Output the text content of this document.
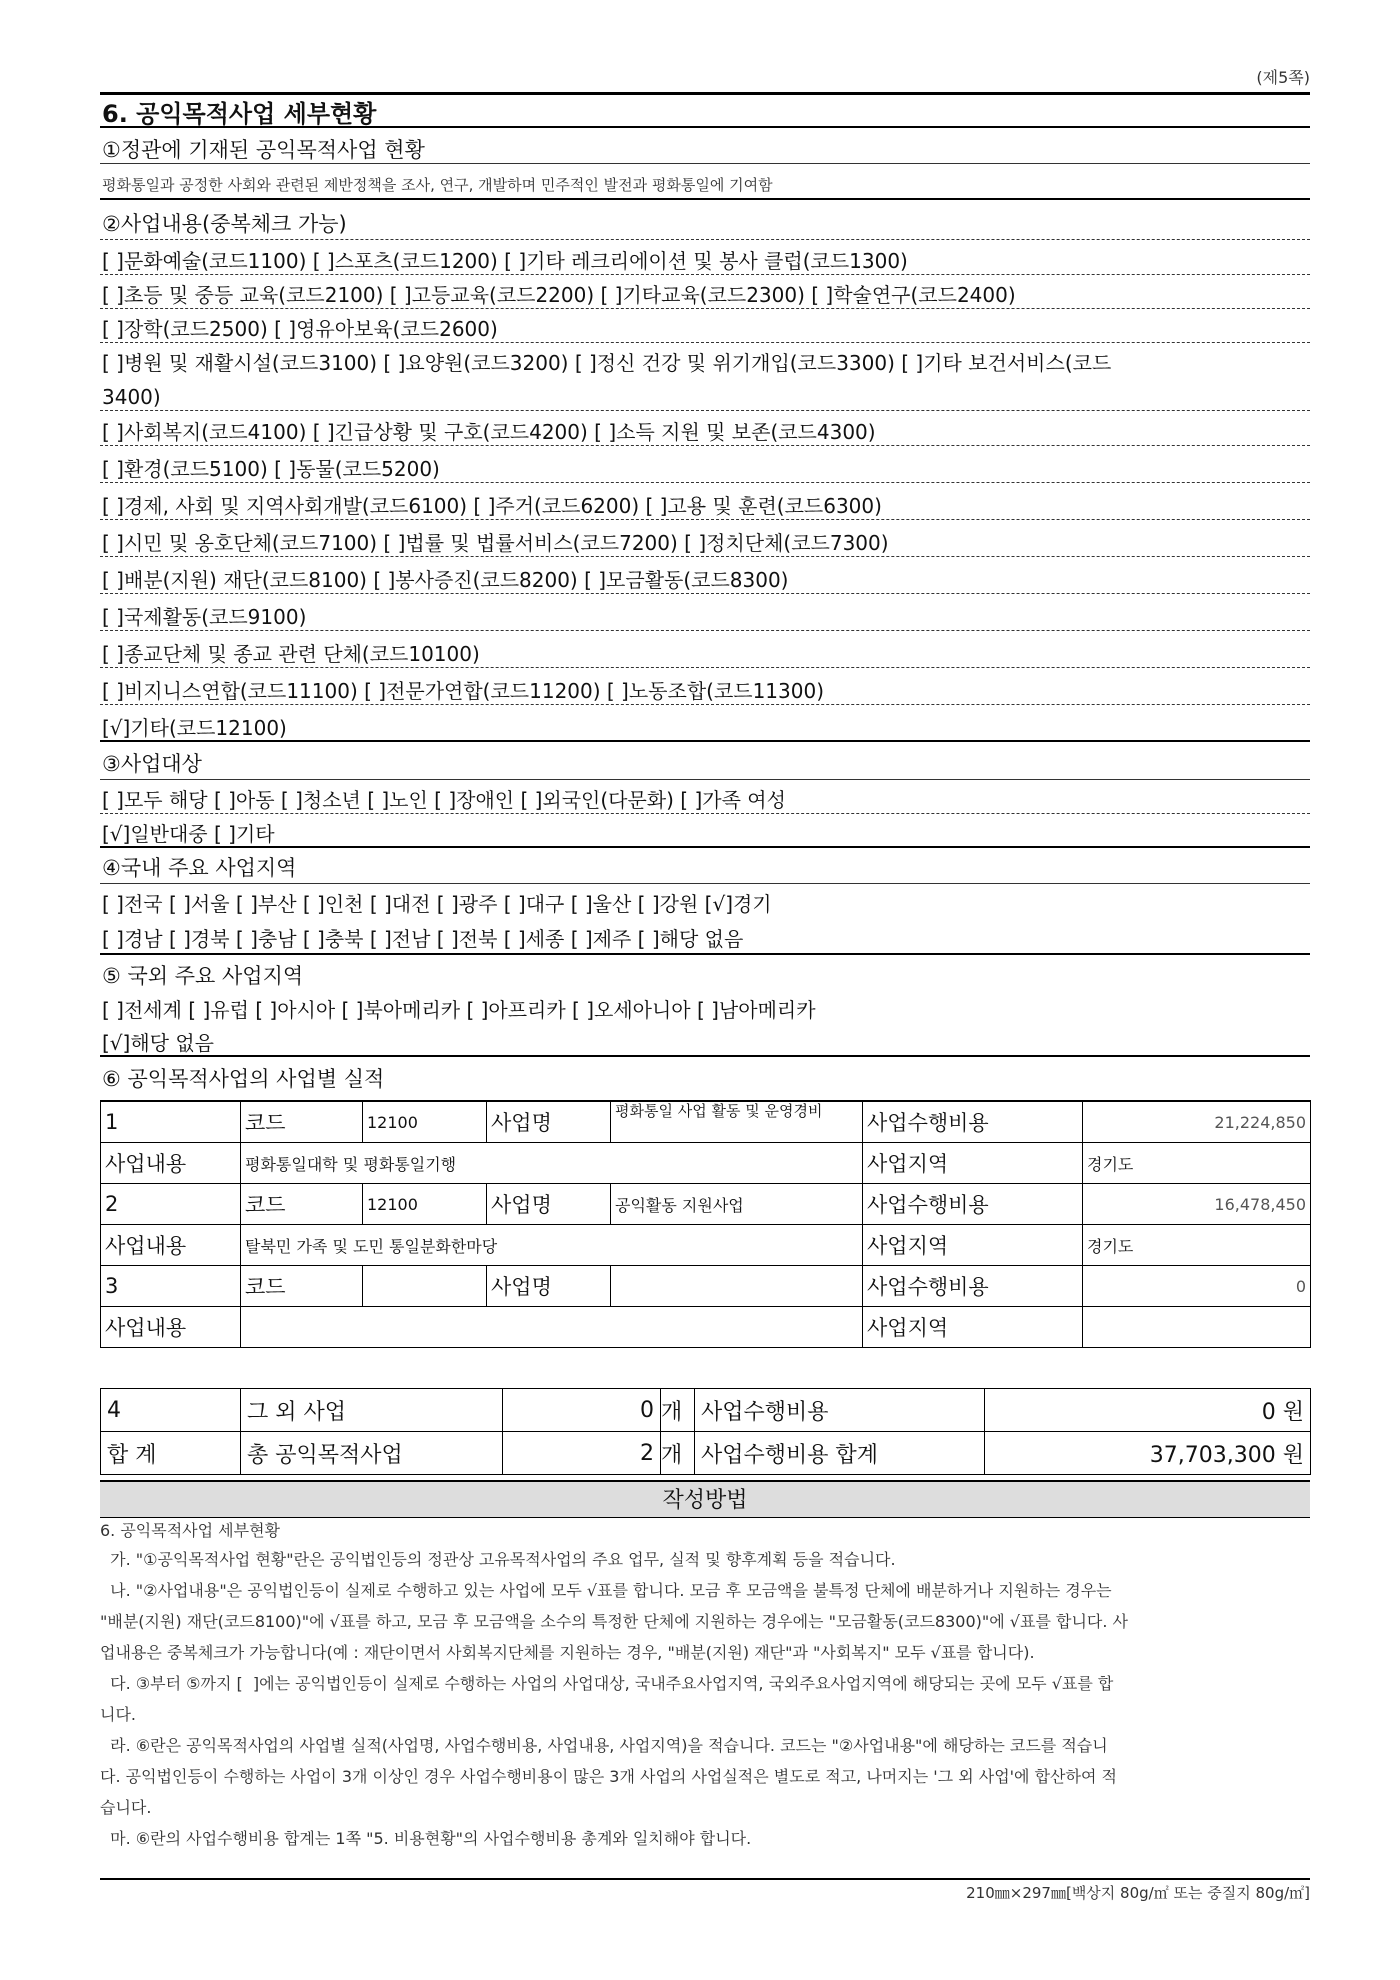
(제5쪽)
6. 공익목적사업 세부현황
①정관에 기재된 공익목적사업 현황
평화통일과 공정한 사회와 관련된 제반정책을 조사, 연구, 개발하며 민주적인 발전과 평화통일에 기여함
②사업내용(중복체크 가능)
[ ]문화예술(코드1100) [ ]스포츠(코드1200) [ ]기타 레크리에이션 및 봉사 클럽(코드1300)
[ ]초등 및 중등 교육(코드2100) [ ]고등교육(코드2200) [ ]기타교육(코드2300) [ ]학술연구(코드2400)
[ ]장학(코드2500) [ ]영유아보육(코드2600)
[ ]병원 및 재활시설(코드3100) [ ]요양원(코드3200) [ ]정신 건강 및 위기개입(코드3300) [ ]기타 보건서비스(코드
3400)
[ ]사회복지(코드4100) [ ]긴급상황 및 구호(코드4200) [ ]소득 지원 및 보존(코드4300)
[ ]환경(코드5100) [ ]동물(코드5200)
[ ]경제, 사회 및 지역사회개발(코드6100) [ ]주거(코드6200) [ ]고용 및 훈련(코드6300)
[ ]시민 및 옹호단체(코드7100) [ ]법률 및 법률서비스(코드7200) [ ]정치단체(코드7300)
[ ]배분(지원) 재단(코드8100) [ ]봉사증진(코드8200) [ ]모금활동(코드8300)
[ ]국제활동(코드9100)
[ ]종교단체 및 종교 관련 단체(코드10100)
[ ]비지니스연합(코드11100) [ ]전문가연합(코드11200) [ ]노동조합(코드11300)
[√]기타(코드12100)
③사업대상
[ ]모두 해당 [ ]아동 [ ]청소년 [ ]노인 [ ]장애인 [ ]외국인(다문화) [ ]가족 여성
[√]일반대중 [ ]기타
④국내 주요 사업지역
[ ]전국 [ ]서울 [ ]부산 [ ]인천 [ ]대전 [ ]광주 [ ]대구 [ ]울산 [ ]강원 [√]경기
[ ]경남 [ ]경북 [ ]충남 [ ]충북 [ ]전남 [ ]전북 [ ]세종 [ ]제주 [ ]해당 없음
⑤ 국외 주요 사업지역
[ ]전세계 [ ]유럽 [ ]아시아 [ ]북아메리카 [ ]아프리카 [ ]오세아니아 [ ]남아메리카
[√]해당 없음
⑥ 공익목적사업의 사업별 실적
1	코드	12100	사업명	평화통일 사업 활동 및 운영경비	사업수행비용	21,224,850
사업내용	평화통일대학 및 평화통일기행				사업지역	경기도
2	코드	12100	사업명	공익활동 지원사업	사업수행비용	16,478,450
사업내용	탈북민 가족 및 도민 통일분화한마당				사업지역	경기도
3	코드		사업명		사업수행비용	0
사업내용					사업지역	
4	그 외 사업	0	개	사업수행비용	0 원
합 계	총 공익목적사업	2	개	사업수행비용 합계	37,703,300 원
작성방법

6. 공익목적사업 세부현황

가. "①공익목적사업 현황"란은 공익법인등의 정관상 고유목적사업의 주요 업무, 실적 및 향후계획 등을 적습니다.

나. "②사업내용"은 공익법인등이 실제로 수행하고 있는 사업에 모두 √표를 합니다. 모금 후 모금액을 불특정 단체에 배분하거나 지원하는 경우는

"배분(지원) 재단(코드8100)"에 √표를 하고, 모금 후 모금액을 소수의 특정한 단체에 지원하는 경우에는 "모금활동(코드8300)"에 √표를 합니다. 사

업내용은 중복체크가 가능합니다(예 : 재단이면서 사회복지단체를 지원하는 경우, "배분(지원) 재단"과 "사회복지" 모두 √표를 합니다).

다. ③부터 ⑤까지 [  ]에는 공익법인등이 실제로 수행하는 사업의 사업대상, 국내주요사업지역, 국외주요사업지역에 해당되는 곳에 모두 √표를 합

니다.

라. ⑥란은 공익목적사업의 사업별 실적(사업명, 사업수행비용, 사업내용, 사업지역)을 적습니다. 코드는 "②사업내용"에 해당하는 코드를 적습니

다. 공익법인등이 수행하는 사업이 3개 이상인 경우 사업수행비용이 많은 3개 사업의 사업실적은 별도로 적고, 나머지는 '그 외 사업'에 합산하여 적

습니다.

마. ⑥란의 사업수행비용 합계는 1쪽 "5. 비용현황"의 사업수행비용 총계와 일치해야 합니다.

210㎜×297㎜[백상지 80g/㎡ 또는 중질지 80g/㎡]
